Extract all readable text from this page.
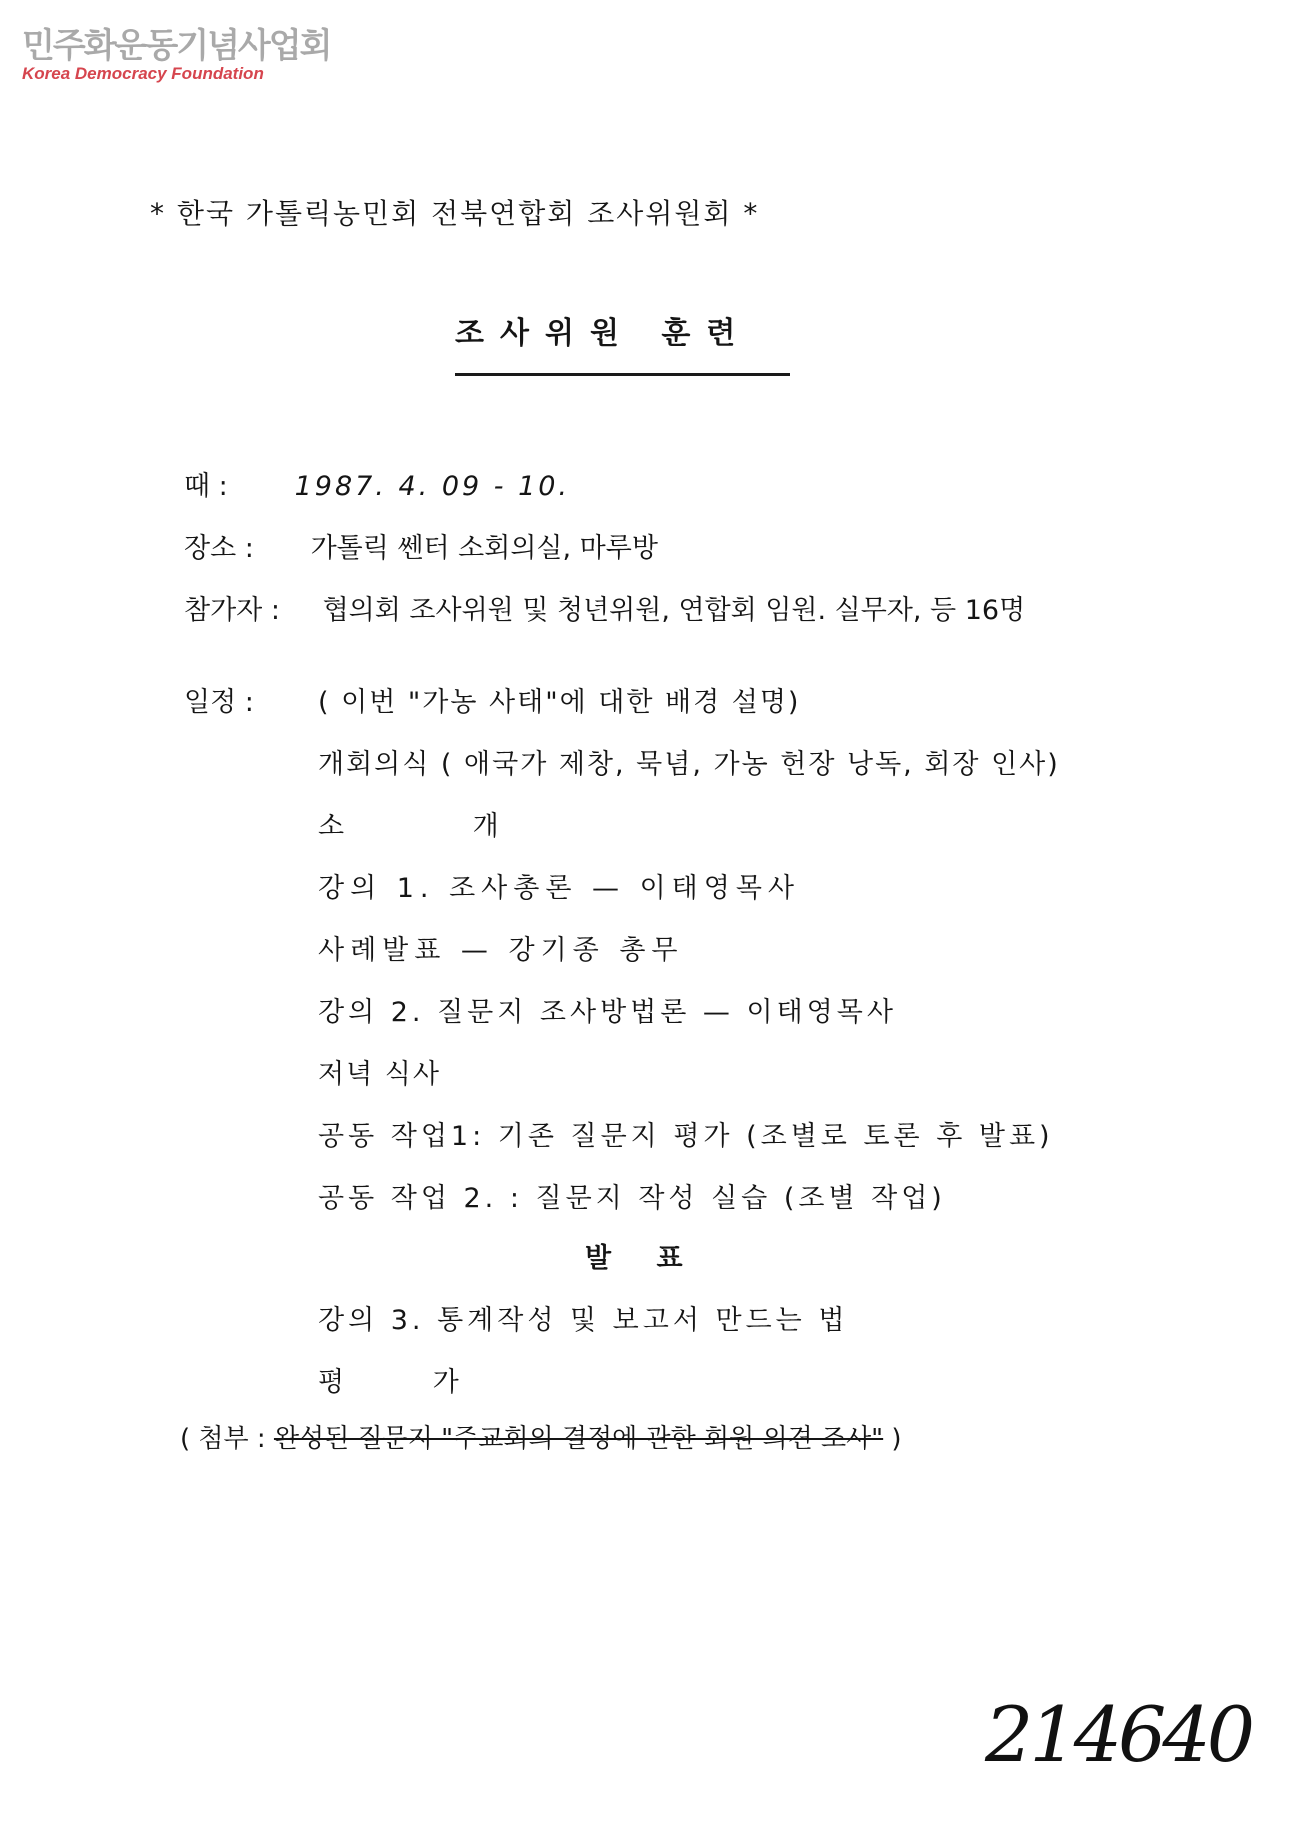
민주화운동기념사업회
Korea Democracy Foundation
* 한국 가톨릭농민회 전북연합회 조사위원회 *
조사위원 훈련
때 : 1987. 4. 09 - 10.
장소 : 가톨릭 쎈터 소회의실, 마루방
참가자 : 협의회 조사위원 및 청년위원, 연합회 임원. 실무자, 등 16명
일정 : ( 이번 "가농 사태"에 대한 배경 설명)
개회의식 ( 애국가 제창, 묵념, 가농 헌장 낭독, 회장 인사)
소 개
강의 1. 조사총론 — 이태영목사
사례발표 — 강기종 총무
강의 2. 질문지 조사방법론 — 이태영목사
저녁 식사
공동 작업1: 기존 질문지 평가 (조별로 토론 후 발표)
공동 작업 2. : 질문지 작성 실습 (조별 작업)
발 표
강의 3. 통계작성 및 보고서 만드는 법
평 가
( 첨부 : 완성된 질문지 "주교회의 결정에 관한 회원 의견 조사" )
214640
